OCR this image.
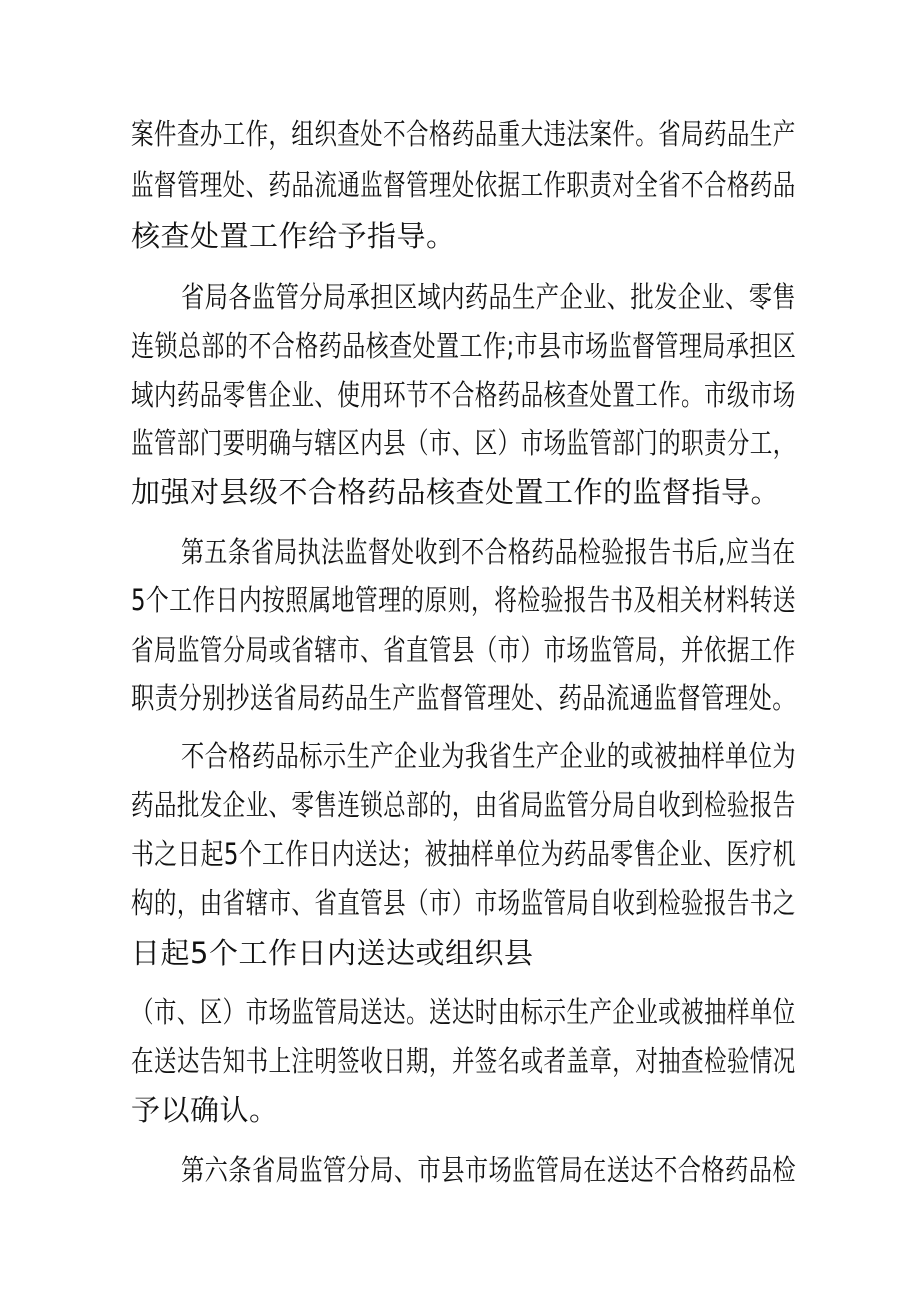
案件查办工作，组织查处不合格药品重大违法案件。省局药品生产
监督管理处、药品流通监督管理处依据工作职责对全省不合格药品
核查处置工作给予指导。
省局各监管分局承担区域内药品生产企业、批发企业、零售
连锁总部的不合格药品核查处置工作;市县市场监督管理局承担区
域内药品零售企业、使用环节不合格药品核查处置工作。市级市场
监管部门要明确与辖区内县（市、区）市场监管部门的职责分工，
加强对县级不合格药品核查处置工作的监督指导。
第五条省局执法监督处收到不合格药品检验报告书后,应当在
5个工作日内按照属地管理的原则，将检验报告书及相关材料转送
省局监管分局或省辖市、省直管县（市）市场监管局，并依据工作
职责分别抄送省局药品生产监督管理处、药品流通监督管理处。
不合格药品标示生产企业为我省生产企业的或被抽样单位为
药品批发企业、零售连锁总部的，由省局监管分局自收到检验报告
书之日起5个工作日内送达；被抽样单位为药品零售企业、医疗机
构的，由省辖市、省直管县（市）市场监管局自收到检验报告书之
日起5个工作日内送达或组织县
（市、区）市场监管局送达。送达时由标示生产企业或被抽样单位
在送达告知书上注明签收日期，并签名或者盖章，对抽查检验情况
予以确认。
第六条省局监管分局、市县市场监管局在送达不合格药品检
